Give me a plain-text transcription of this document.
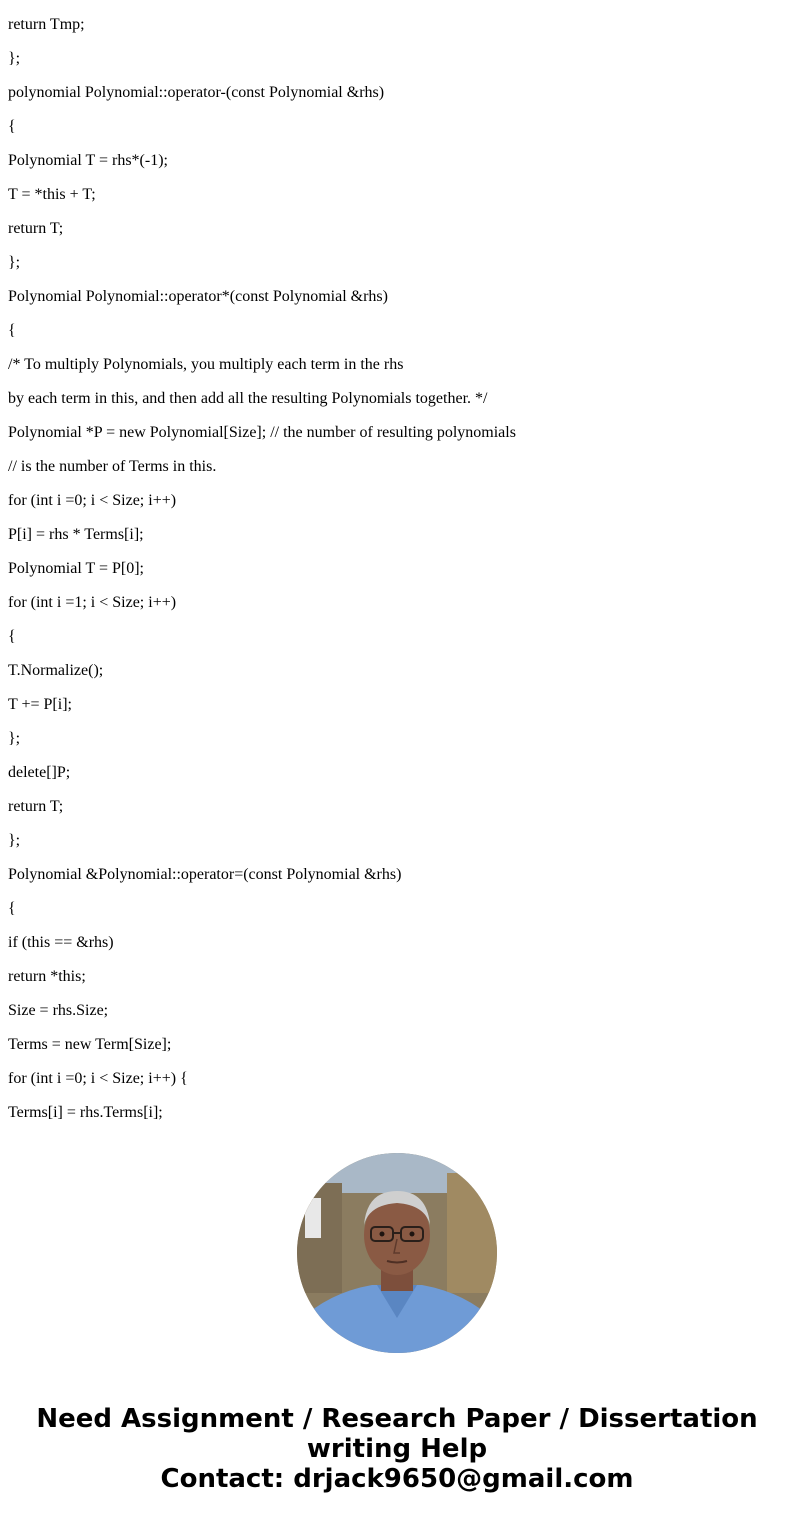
return Tmp;
};
polynomial Polynomial::operator-(const Polynomial &rhs)
{
Polynomial T = rhs*(-1);
T = *this + T;
return T;
};
Polynomial Polynomial::operator*(const Polynomial &rhs)
{
/* To multiply Polynomials, you multiply each term in the rhs
by each term in this, and then add all the resulting Polynomials together. */
Polynomial *P = new Polynomial[Size]; // the number of resulting polynomials
// is the number of Terms in this.
for (int i =0; i < Size; i++)
P[i] = rhs * Terms[i];
Polynomial T = P[0];
for (int i =1; i < Size; i++)
{
T.Normalize();
T += P[i];
};
delete[]P;
return T;
};
Polynomial &Polynomial::operator=(const Polynomial &rhs)
{
if (this == &rhs)
return *this;
Size = rhs.Size;
Terms = new Term[Size];
for (int i =0; i < Size; i++) {
Terms[i] = rhs.Terms[i];
Need Assignment / Research Paper / Dissertation
writing Help
Contact: drjack9650@gmail.com
